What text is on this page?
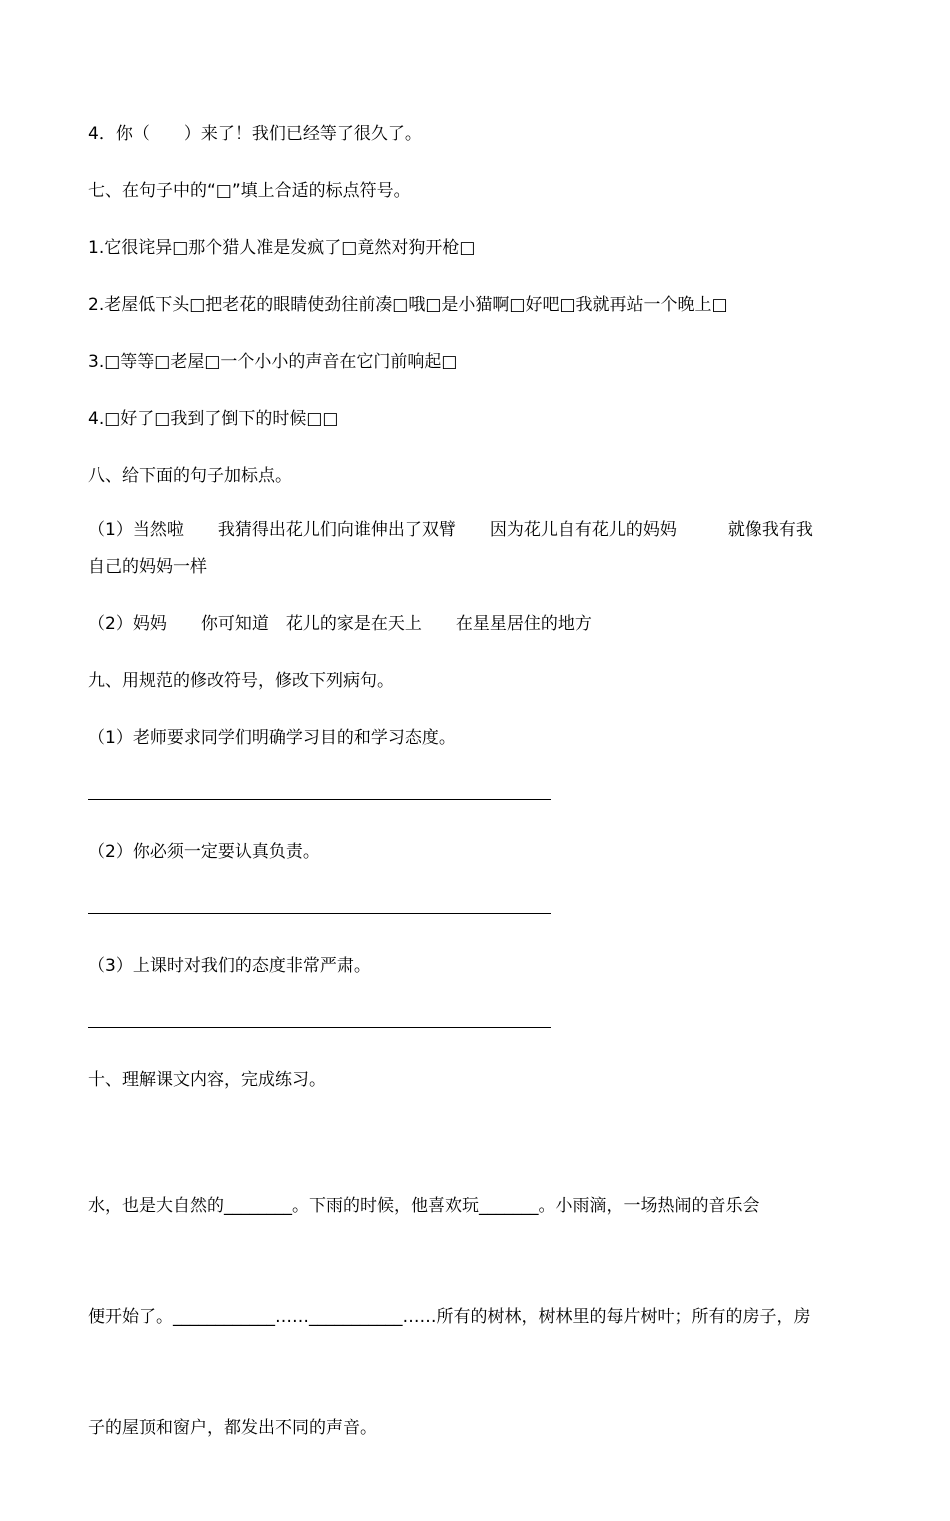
4．你（　　）来了！我们已经等了很久了。
七、在句子中的“□”填上合适的标点符号。
1.它很诧异□那个猎人准是发疯了□竟然对狗开枪□
2.老屋低下头□把老花的眼睛使劲往前凑□哦□是小猫啊□好吧□我就再站一个晚上□
3.□等等□老屋□一个小小的声音在它门前响起□
4.□好了□我到了倒下的时候□□
八、给下面的句子加标点。
（1）当然啦　　我猜得出花儿们向谁伸出了双臂　　因为花儿自有花儿的妈妈　　　就像我有我
自己的妈妈一样
（2）妈妈　　你可知道　花儿的家是在天上　　在星星居住的地方
九、用规范的修改符号，修改下列病句。
（1）老师要求同学们明确学习目的和学习态度。
（2）你必须一定要认真负责。
（3）上课时对我们的态度非常严肃。
十、理解课文内容，完成练习。

水，也是大自然的________。下雨的时候，他喜欢玩_______。小雨滴，一场热闹的音乐会

便开始了。____________……___________……所有的树林，树林里的每片树叶；所有的房子，房

子的屋顶和窗户，都发出不同的声音。
